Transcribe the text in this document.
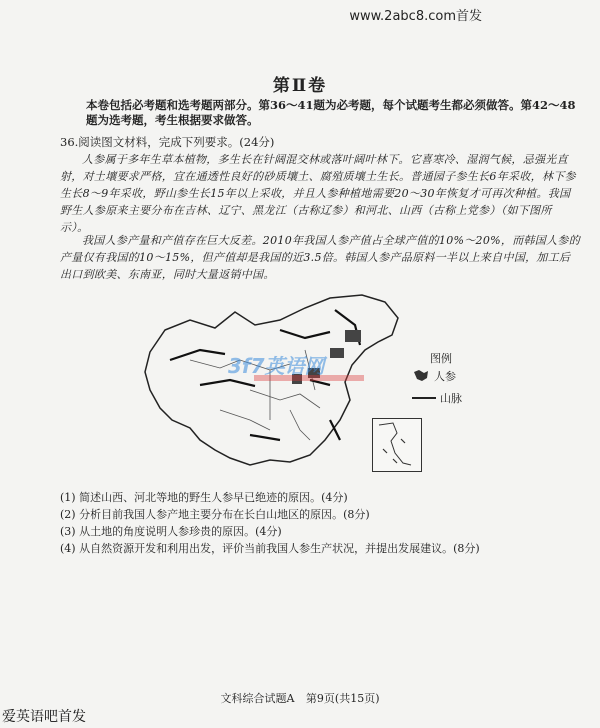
www.2abc8.com首发
第Ⅱ卷
本卷包括必考题和选考题两部分。第36～41题为必考题，每个试题考生都必须做答。第42～48题为选考题，考生根据要求做答。
36.阅读图文材料，完成下列要求。(24分)
人参属于多年生草本植物，多生长在针阔混交林或落叶阔叶林下。它喜寒冷、湿润气候，忌强光直射，对土壤要求严格，宜在通透性良好的砂质壤土、腐殖质壤土生长。普通园子参生长6年采收，林下参生长8～9年采收，野山参生长15年以上采收，并且人参种植地需要20～30年恢复才可再次种植。我国野生人参原来主要分布在吉林、辽宁、黑龙江（古称辽参）和河北、山西（古称上党参）（如下图所示）。
我国人参产量和产值存在巨大反差。2010年我国人参产值占全球产值的10%～20%，而韩国人参的产量仅有我国的10～15%，但产值却是我国的近3.5倍。韩国人参产品原料一半以上来自中国，加工后出口到欧美、东南亚，同时大量返销中国。
3f7英语网	图例
人参
山脉
(1) 简述山西、河北等地的野生人参早已绝迹的原因。(4分)
(2) 分析目前我国人参产地主要分布在长白山地区的原因。(8分)
(3) 从土地的角度说明人参珍贵的原因。(4分)
(4) 从自然资源开发和利用出发，评价当前我国人参生产状况，并提出发展建议。(8分)
文科综合试题A 第9页(共15页)
爱英语吧首发
